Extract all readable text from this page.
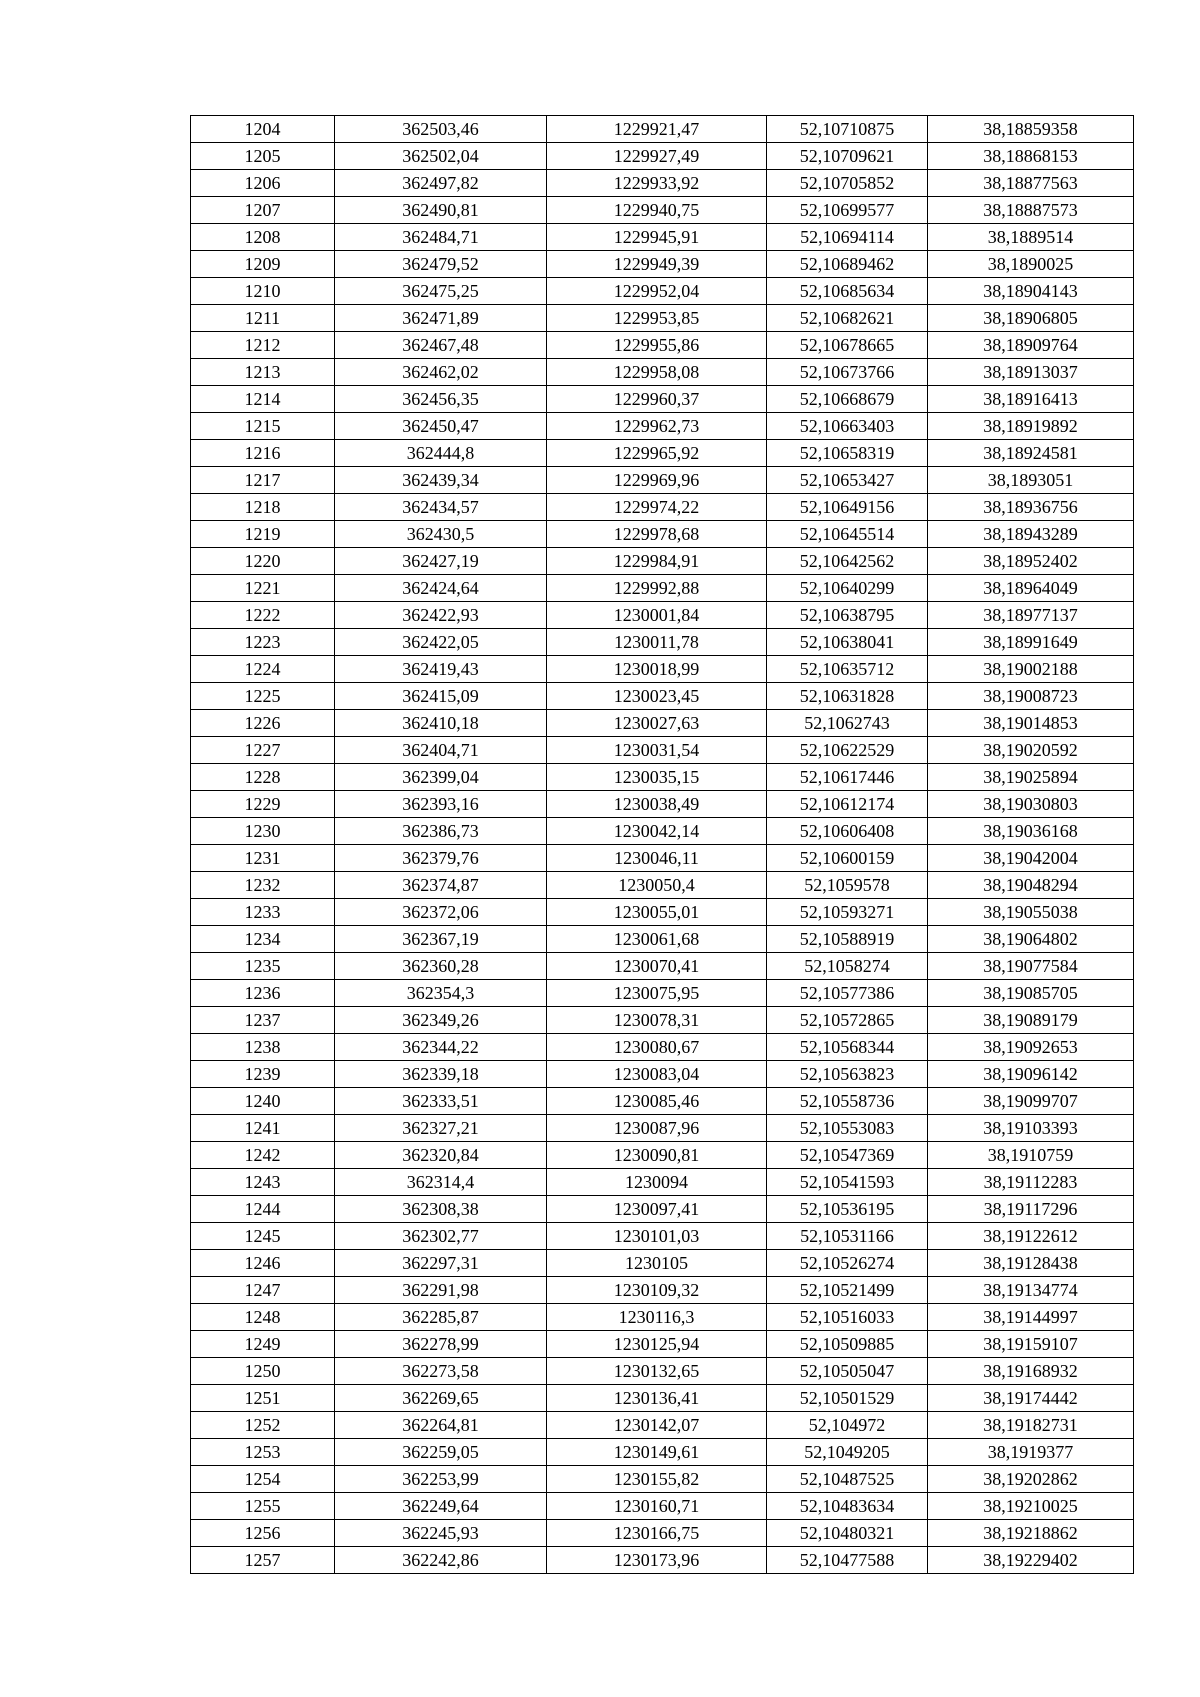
1204	362503,46	1229921,47	52,10710875	38,18859358
1205	362502,04	1229927,49	52,10709621	38,18868153
1206	362497,82	1229933,92	52,10705852	38,18877563
1207	362490,81	1229940,75	52,10699577	38,18887573
1208	362484,71	1229945,91	52,10694114	38,1889514
1209	362479,52	1229949,39	52,10689462	38,1890025
1210	362475,25	1229952,04	52,10685634	38,18904143
1211	362471,89	1229953,85	52,10682621	38,18906805
1212	362467,48	1229955,86	52,10678665	38,18909764
1213	362462,02	1229958,08	52,10673766	38,18913037
1214	362456,35	1229960,37	52,10668679	38,18916413
1215	362450,47	1229962,73	52,10663403	38,18919892
1216	362444,8	1229965,92	52,10658319	38,18924581
1217	362439,34	1229969,96	52,10653427	38,1893051
1218	362434,57	1229974,22	52,10649156	38,18936756
1219	362430,5	1229978,68	52,10645514	38,18943289
1220	362427,19	1229984,91	52,10642562	38,18952402
1221	362424,64	1229992,88	52,10640299	38,18964049
1222	362422,93	1230001,84	52,10638795	38,18977137
1223	362422,05	1230011,78	52,10638041	38,18991649
1224	362419,43	1230018,99	52,10635712	38,19002188
1225	362415,09	1230023,45	52,10631828	38,19008723
1226	362410,18	1230027,63	52,1062743	38,19014853
1227	362404,71	1230031,54	52,10622529	38,19020592
1228	362399,04	1230035,15	52,10617446	38,19025894
1229	362393,16	1230038,49	52,10612174	38,19030803
1230	362386,73	1230042,14	52,10606408	38,19036168
1231	362379,76	1230046,11	52,10600159	38,19042004
1232	362374,87	1230050,4	52,1059578	38,19048294
1233	362372,06	1230055,01	52,10593271	38,19055038
1234	362367,19	1230061,68	52,10588919	38,19064802
1235	362360,28	1230070,41	52,1058274	38,19077584
1236	362354,3	1230075,95	52,10577386	38,19085705
1237	362349,26	1230078,31	52,10572865	38,19089179
1238	362344,22	1230080,67	52,10568344	38,19092653
1239	362339,18	1230083,04	52,10563823	38,19096142
1240	362333,51	1230085,46	52,10558736	38,19099707
1241	362327,21	1230087,96	52,10553083	38,19103393
1242	362320,84	1230090,81	52,10547369	38,1910759
1243	362314,4	1230094	52,10541593	38,19112283
1244	362308,38	1230097,41	52,10536195	38,19117296
1245	362302,77	1230101,03	52,10531166	38,19122612
1246	362297,31	1230105	52,10526274	38,19128438
1247	362291,98	1230109,32	52,10521499	38,19134774
1248	362285,87	1230116,3	52,10516033	38,19144997
1249	362278,99	1230125,94	52,10509885	38,19159107
1250	362273,58	1230132,65	52,10505047	38,19168932
1251	362269,65	1230136,41	52,10501529	38,19174442
1252	362264,81	1230142,07	52,104972	38,19182731
1253	362259,05	1230149,61	52,1049205	38,1919377
1254	362253,99	1230155,82	52,10487525	38,19202862
1255	362249,64	1230160,71	52,10483634	38,19210025
1256	362245,93	1230166,75	52,10480321	38,19218862
1257	362242,86	1230173,96	52,10477588	38,19229402
